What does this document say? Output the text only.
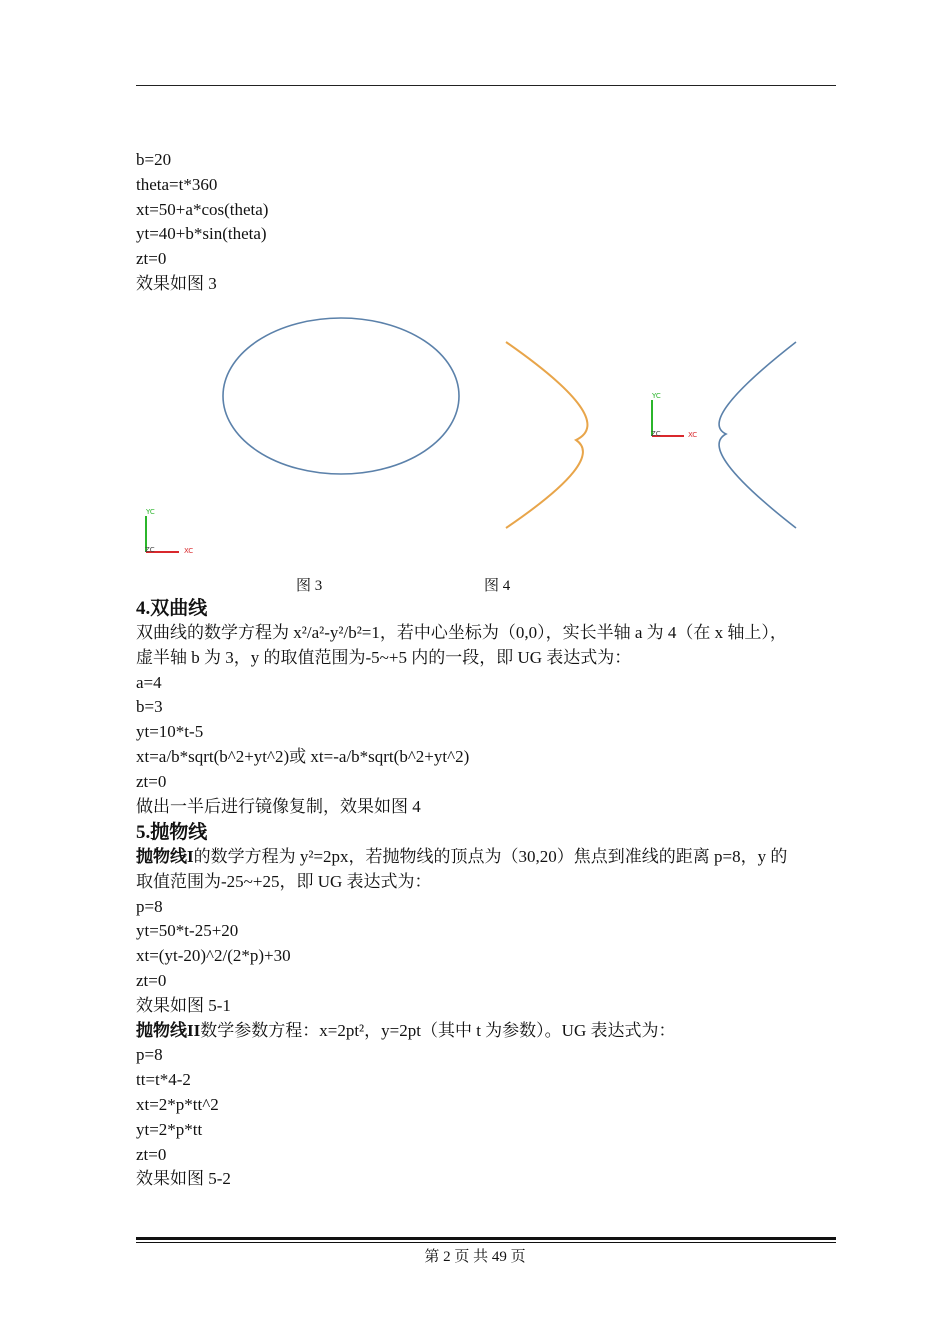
b=20

theta=t*360

xt=50+a*cos(theta)

yt=40+b*sin(theta)

zt=0

效果如图 3

YC
XC
ZC
YC
XC
ZC
图 3	图 4

4.双曲线

双曲线的数学方程为 x²/a²-y²/b²=1，若中心坐标为（0,0），实长半轴 a 为 4（在 x 轴上），

虚半轴 b 为 3，y 的取值范围为-5~+5 内的一段，即 UG 表达式为：

a=4

b=3

yt=10*t-5

xt=a/b*sqrt(b^2+yt^2)或 xt=-a/b*sqrt(b^2+yt^2)

zt=0

做出一半后进行镜像复制，效果如图 4

5.抛物线

抛物线I的数学方程为 y²=2px，若抛物线的顶点为（30,20）焦点到准线的距离 p=8，y 的

取值范围为-25~+25，即 UG 表达式为：

p=8

yt=50*t-25+20

xt=(yt-20)^2/(2*p)+30

zt=0

效果如图 5-1

抛物线II数学参数方程：x=2pt²，y=2pt（其中 t 为参数）。UG 表达式为：

p=8

tt=t*4-2

xt=2*p*tt^2

yt=2*p*tt

zt=0

效果如图 5-2

第 2 页 共 49 页
